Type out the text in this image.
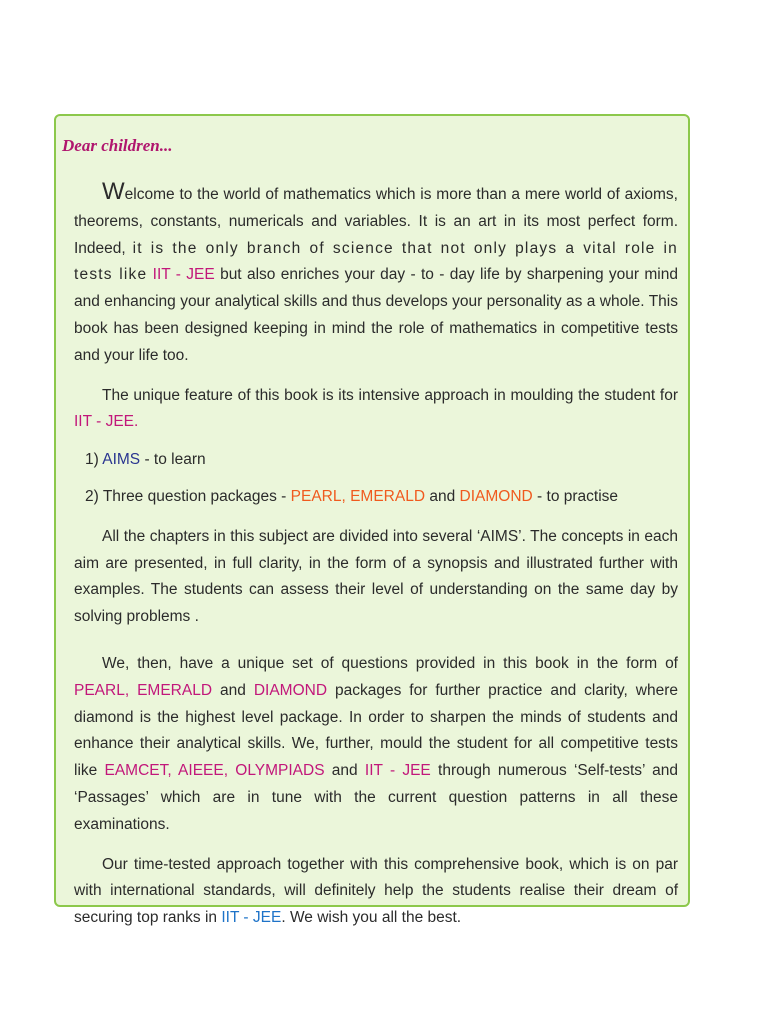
Dear children...

Welcome to the world of mathematics which is more than a mere world of axioms, theorems, constants, numericals and variables. It is an art in its most perfect form. Indeed, it is the only branch of science that not only plays a vital role in tests like IIT - JEE but also enriches your day - to - day life by sharpening your mind and enhancing your analytical skills and thus develops your personality as a whole. This book has been designed keeping in mind the role of mathematics in competitive tests and your life too.

The unique feature of this book is its intensive approach in moulding the student for IIT - JEE.

1) AIMS - to learn

2) Three question packages - PEARL, EMERALD and DIAMOND - to practise

All the chapters in this subject are divided into several ‘AIMS’. The concepts in each aim are presented, in full clarity, in the form of a synopsis and illustrated further with examples. The students can assess their level of understanding on the same day by solving problems .

We, then, have a unique set of questions provided in this book in the form of PEARL, EMERALD and DIAMOND packages for further practice and clarity, where diamond is the highest level package. In order to sharpen the minds of students and enhance their analytical skills. We, further, mould the student for all competitive tests like EAMCET, AIEEE, OLYMPIADS and IIT - JEE through numerous ‘Self-tests’ and ‘Passages’ which are in tune with the current question patterns in all these examinations.

Our time-tested approach together with this comprehensive book, which is on par with international standards, will definitely help the students realise their dream of securing top ranks in IIT - JEE. We wish you all the best.
